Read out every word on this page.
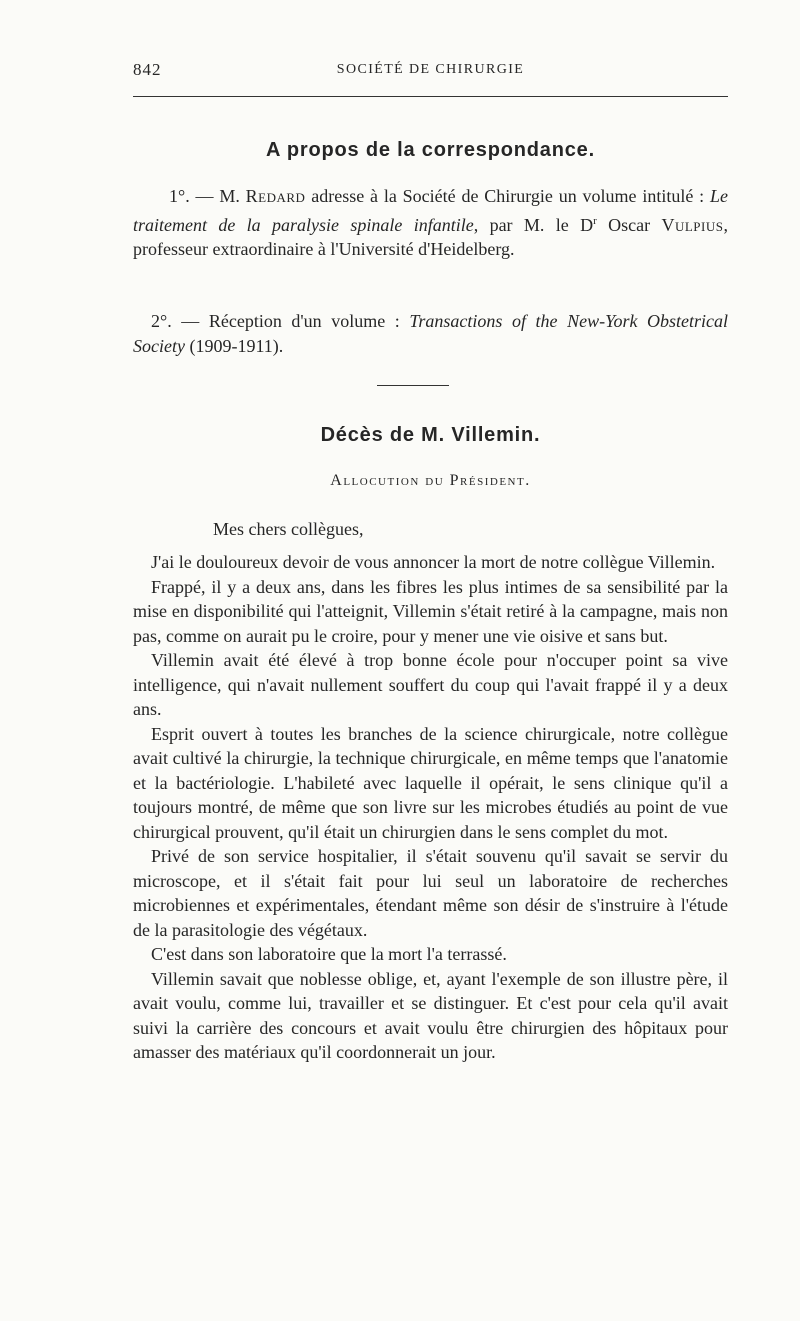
842	SOCIÉTÉ DE CHIRURGIE
A propos de la correspondance.

1°. — M. Redard adresse à la Société de Chirurgie un volume intitulé : Le traitement de la paralysie spinale infantile, par M. le $D^r$ Oscar Vulpius, professeur extraordinaire à l'Université d'Heidelberg.

2°. — Réception d'un volume : Transactions of the New-York Obstetrical Society (1909-1911).

Décès de M. Villemin.
Allocution du Président.

Mes chers collègues,

J'ai le douloureux devoir de vous annoncer la mort de notre collègue Villemin.

Frappé, il y a deux ans, dans les fibres les plus intimes de sa sensibilité par la mise en disponibilité qui l'atteignit, Villemin s'était retiré à la campagne, mais non pas, comme on aurait pu le croire, pour y mener une vie oisive et sans but.

Villemin avait été élevé à trop bonne école pour n'occuper point sa vive intelligence, qui n'avait nullement souffert du coup qui l'avait frappé il y a deux ans.

Esprit ouvert à toutes les branches de la science chirurgicale, notre collègue avait cultivé la chirurgie, la technique chirurgicale, en même temps que l'anatomie et la bactériologie. L'habileté avec laquelle il opérait, le sens clinique qu'il a toujours montré, de même que son livre sur les microbes étudiés au point de vue chirurgical prouvent, qu'il était un chirurgien dans le sens complet du mot.

Privé de son service hospitalier, il s'était souvenu qu'il savait se servir du microscope, et il s'était fait pour lui seul un laboratoire de recherches microbiennes et expérimentales, étendant même son désir de s'instruire à l'étude de la parasitologie des végétaux.

C'est dans son laboratoire que la mort l'a terrassé.

Villemin savait que noblesse oblige, et, ayant l'exemple de son illustre père, il avait voulu, comme lui, travailler et se distinguer. Et c'est pour cela qu'il avait suivi la carrière des concours et avait voulu être chirurgien des hôpitaux pour amasser des matériaux qu'il coordonnerait un jour.
